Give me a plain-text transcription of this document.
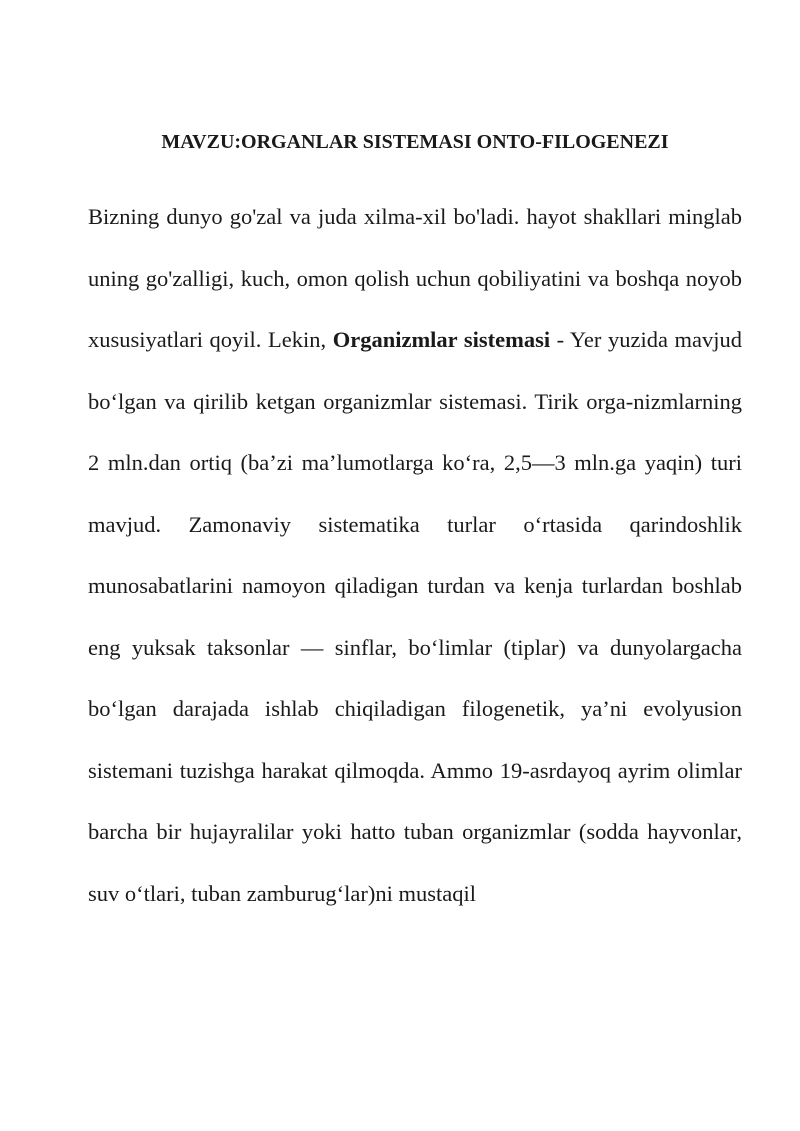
MAVZU:ORGANLAR SISTEMASI ONTO-FILOGENEZI

Bizning dunyo go'zal va juda xilma-xil bo'ladi. hayot shakllari minglab uning go'zalligi, kuch, omon qolish uchun qobiliyatini va boshqa noyob xususiyatlari qoyil. Lekin, Organizmlar sistemasi - Yer yuzida mavjud bo‘lgan va qirilib ketgan organizmlar sistemasi. Tirik orga-nizmlarning 2 mln.dan ortiq (ba’zi ma’lumotlarga ko‘ra, 2,5—3 mln.ga yaqin) turi mavjud. Zamonaviy sistematika turlar o‘rtasida qarindoshlik munosabatlarini namoyon qiladigan turdan va kenja turlardan boshlab eng yuksak taksonlar — sinflar, bo‘limlar (tiplar) va dunyolargacha bo‘lgan darajada ishlab chiqiladigan filogenetik, ya’ni evolyusion sistemani tuzishga harakat qilmoqda. Ammo 19-asrdayoq ayrim olimlar barcha bir hujayralilar yoki hatto tuban organizmlar (sodda hayvonlar, suv o‘tlari, tuban zamburug‘lar)ni mustaqil
